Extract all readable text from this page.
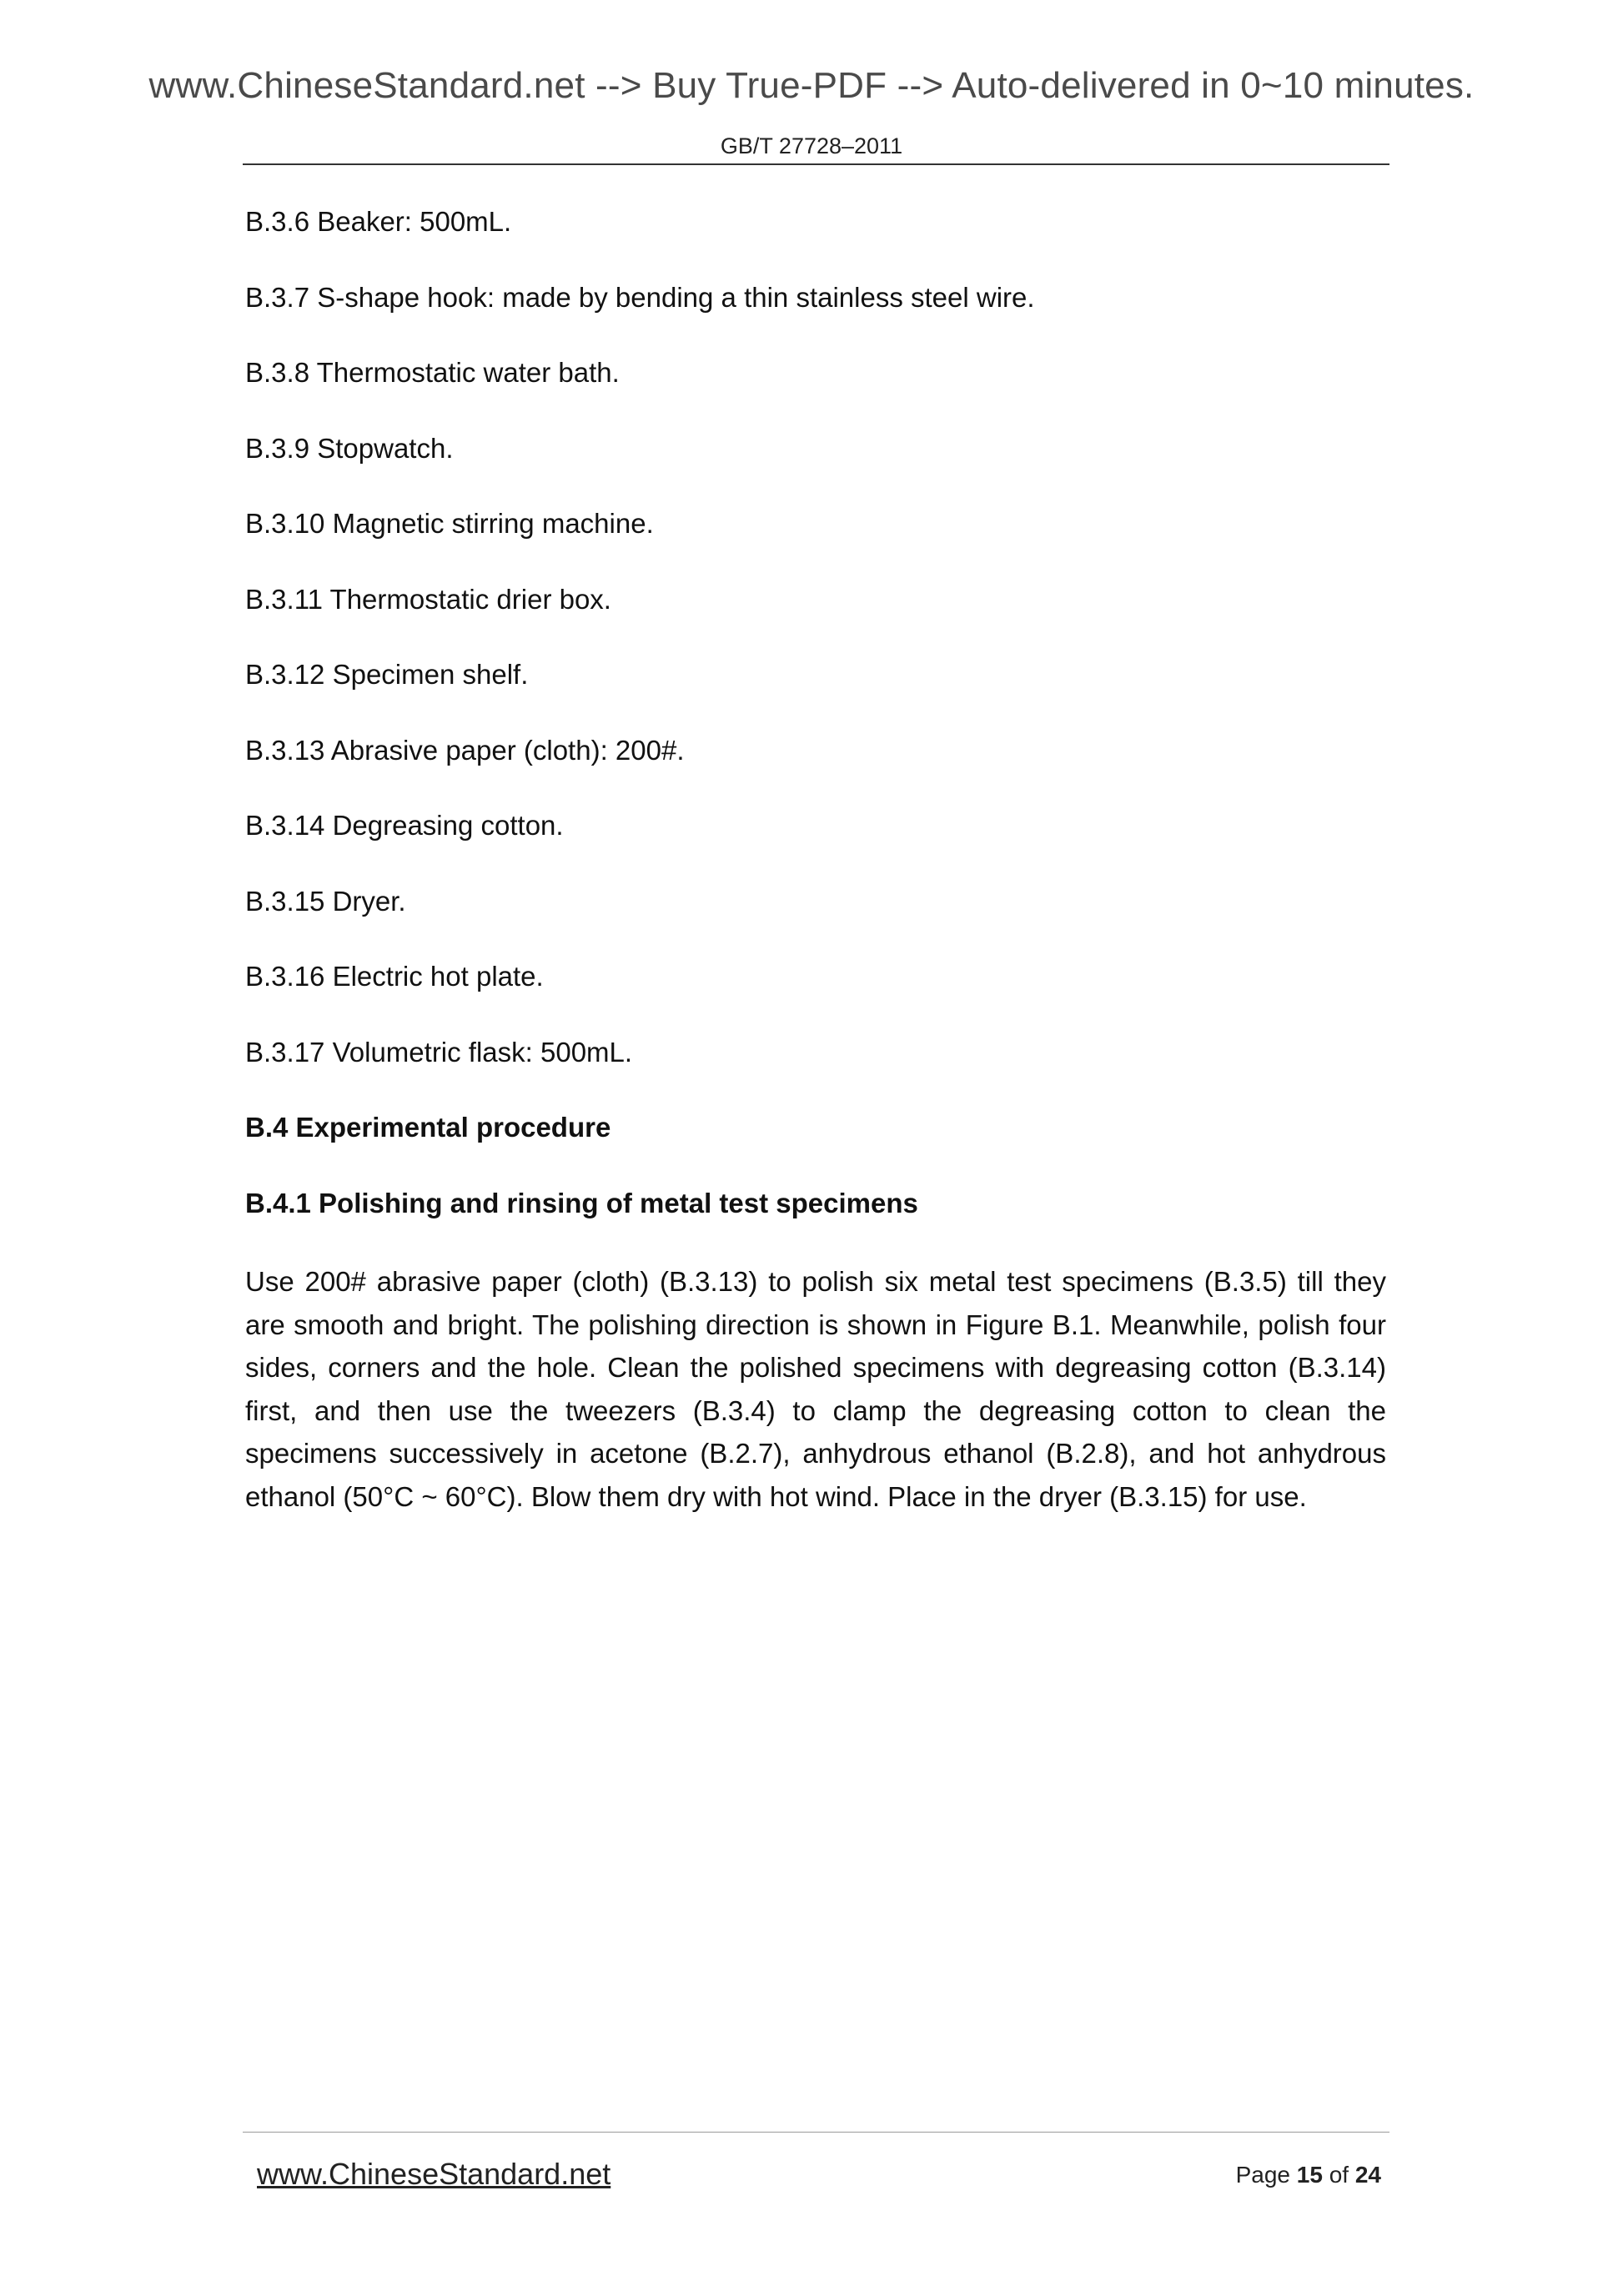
www.ChineseStandard.net --> Buy True-PDF --> Auto-delivered in 0~10 minutes.
GB/T 27728–2011
B.3.6 Beaker: 500mL.
B.3.7 S-shape hook: made by bending a thin stainless steel wire.
B.3.8 Thermostatic water bath.
B.3.9 Stopwatch.
B.3.10 Magnetic stirring machine.
B.3.11 Thermostatic drier box.
B.3.12 Specimen shelf.
B.3.13 Abrasive paper (cloth): 200#.
B.3.14 Degreasing cotton.
B.3.15 Dryer.
B.3.16 Electric hot plate.
B.3.17 Volumetric flask: 500mL.
B.4 Experimental procedure
B.4.1 Polishing and rinsing of metal test specimens

Use 200# abrasive paper (cloth) (B.3.13) to polish six metal test specimens (B.3.5) till they are smooth and bright. The polishing direction is shown in Figure B.1. Meanwhile, polish four sides, corners and the hole. Clean the polished specimens with degreasing cotton (B.3.14) first, and then use the tweezers (B.3.4) to clamp the degreasing cotton to clean the specimens successively in acetone (B.2.7), anhydrous ethanol (B.2.8), and hot anhydrous ethanol (50°C ~ 60°C). Blow them dry with hot wind. Place in the dryer (B.3.15) for use.

www.ChineseStandard.net	Page 15 of 24
